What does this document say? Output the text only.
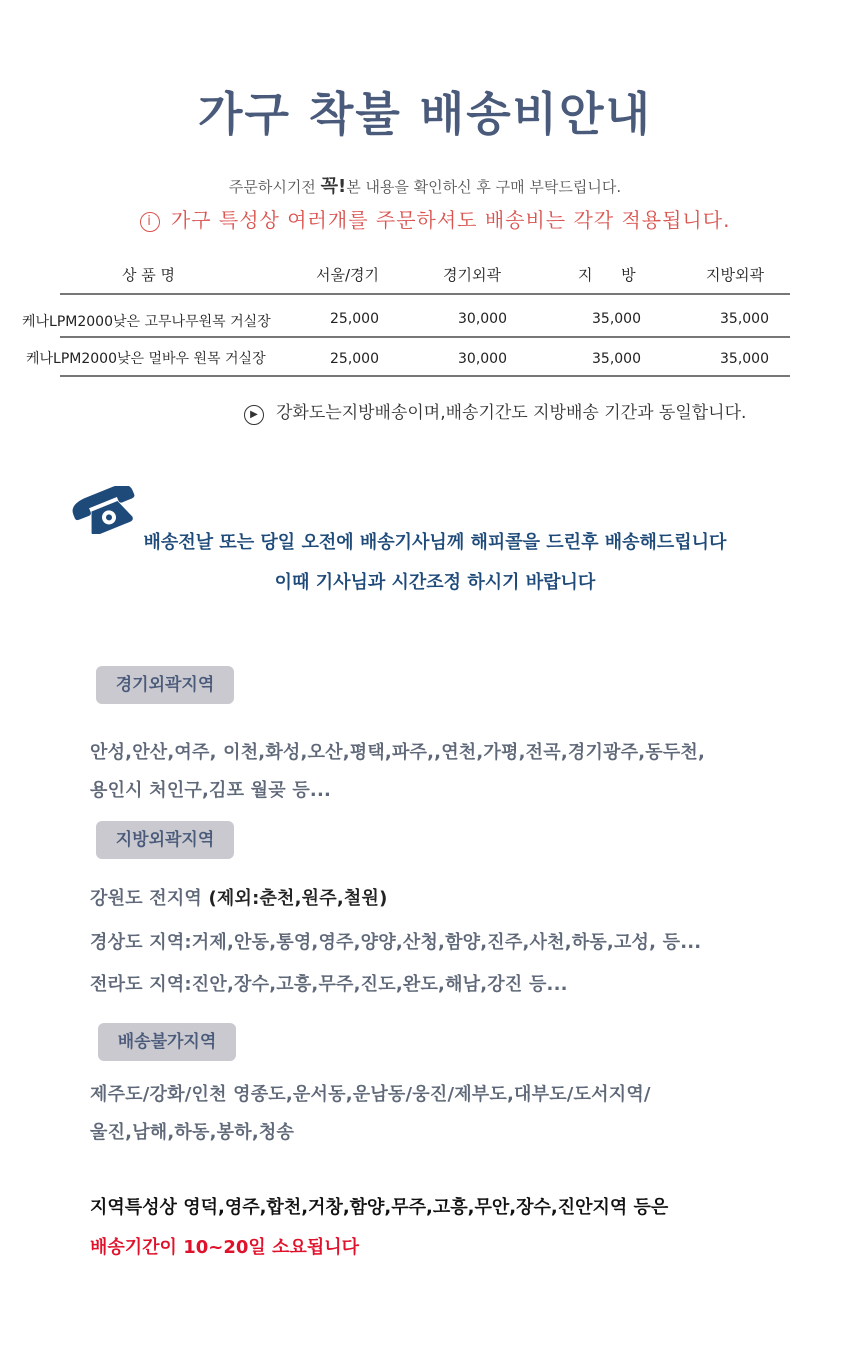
가구 착불 배송비안내
주문하시기전 꼭!본 내용을 확인하신 후 구매 부탁드립니다.
i 가구 특성상 여러개를 주문하셔도 배송비는 각각 적용됩니다.
상 품 명	서울/경기	경기외곽	지      방	지방외곽
케나LPM2000낮은 고무나무원목 거실장	25,000	30,000	35,000	35,000
케나LPM2000낮은 멀바우 원목 거실장	25,000	30,000	35,000	35,000
▶ 강화도는지방배송이며,배송기간도 지방배송 기간과 동일합니다.
배송전날 또는 당일 오전에 배송기사님께 해피콜을 드린후 배송해드립니다
이때 기사님과 시간조정 하시기 바랍니다
경기외곽지역
안성,안산,여주, 이천,화성,오산,평택,파주,,연천,가평,전곡,경기광주,동두천,
용인시 처인구,김포 월곶 등...
지방외곽지역
강원도 전지역 (제외:춘천,원주,철원)
경상도 지역:거제,안동,통영,영주,양양,산청,함양,진주,사천,하동,고성, 등...
전라도 지역:진안,장수,고흥,무주,진도,완도,해남,강진 등...
배송불가지역
제주도/강화/인천 영종도,운서동,운남동/웅진/제부도,대부도/도서지역/
울진,남해,하동,봉하,청송
지역특성상 영덕,영주,합천,거창,함양,무주,고흥,무안,장수,진안지역 등은
배송기간이 10~20일 소요됩니다
